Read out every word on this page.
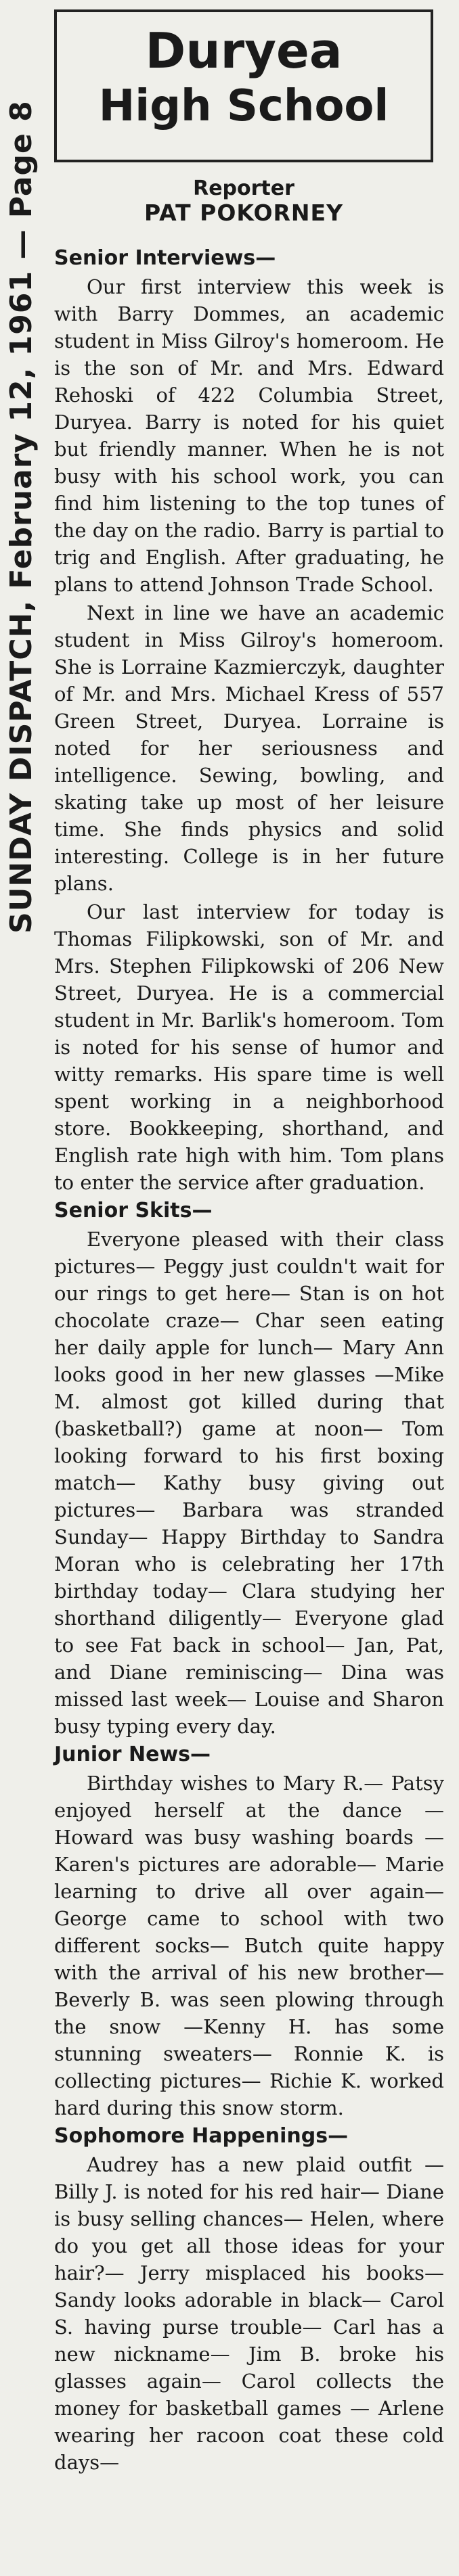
SUNDAY DISPATCH, February 12, 1961 — Page 8
Duryea
High School
Reporter
PAT POKORNEY
Senior Interviews—

Our first interview this week is with Barry Dommes, an academic student in Miss Gilroy's homeroom. He is the son of Mr. and Mrs. Edward Rehoski of 422 Columbia Street, Duryea. Barry is noted for his quiet but friendly manner. When he is not busy with his school work, you can find him listening to the top tunes of the day on the radio. Barry is partial to trig and English. After graduating, he plans to attend Johnson Trade School.

Next in line we have an academic student in Miss Gilroy's homeroom. She is Lorraine Kazmierczyk, daughter of Mr. and Mrs. Michael Kress of 557 Green Street, Duryea. Lorraine is noted for her seriousness and intelligence. Sewing, bowling, and skating take up most of her leisure time. She finds physics and solid interesting. College is in her future plans.

Our last interview for today is Thomas Filipkowski, son of Mr. and Mrs. Stephen Filipkowski of 206 New Street, Duryea. He is a commercial student in Mr. Barlik's homeroom. Tom is noted for his sense of humor and witty remarks. His spare time is well spent working in a neighborhood store. Bookkeeping, shorthand, and English rate high with him. Tom plans to enter the service after graduation.

Senior Skits—

Everyone pleased with their class pictures— Peggy just couldn't wait for our rings to get here— Stan is on hot chocolate craze— Char seen eating her daily apple for lunch— Mary Ann looks good in her new glasses —Mike M. almost got killed during that (basketball?) game at noon— Tom looking forward to his first boxing match— Kathy busy giving out pictures— Barbara was stranded Sunday— Happy Birthday to Sandra Moran who is celebrating her 17th birthday today— Clara studying her shorthand diligently— Everyone glad to see Fat back in school— Jan, Pat, and Diane reminiscing— Dina was missed last week— Louise and Sharon busy typing every day.

Junior News—

Birthday wishes to Mary R.— Patsy enjoyed herself at the dance — Howard was busy washing boards — Karen's pictures are adorable— Marie learning to drive all over again— George came to school with two different socks— Butch quite happy with the arrival of his new brother— Beverly B. was seen plowing through the snow —Kenny H. has some stunning sweaters— Ronnie K. is collecting pictures— Richie K. worked hard during this snow storm.

Sophomore Happenings—

Audrey has a new plaid outfit —Billy J. is noted for his red hair— Diane is busy selling chances— Helen, where do you get all those ideas for your hair?— Jerry misplaced his books— Sandy looks adorable in black— Carol S. having purse trouble— Carl has a new nickname— Jim B. broke his glasses again— Carol collects the money for basketball games — Arlene wearing her racoon coat these cold days—
